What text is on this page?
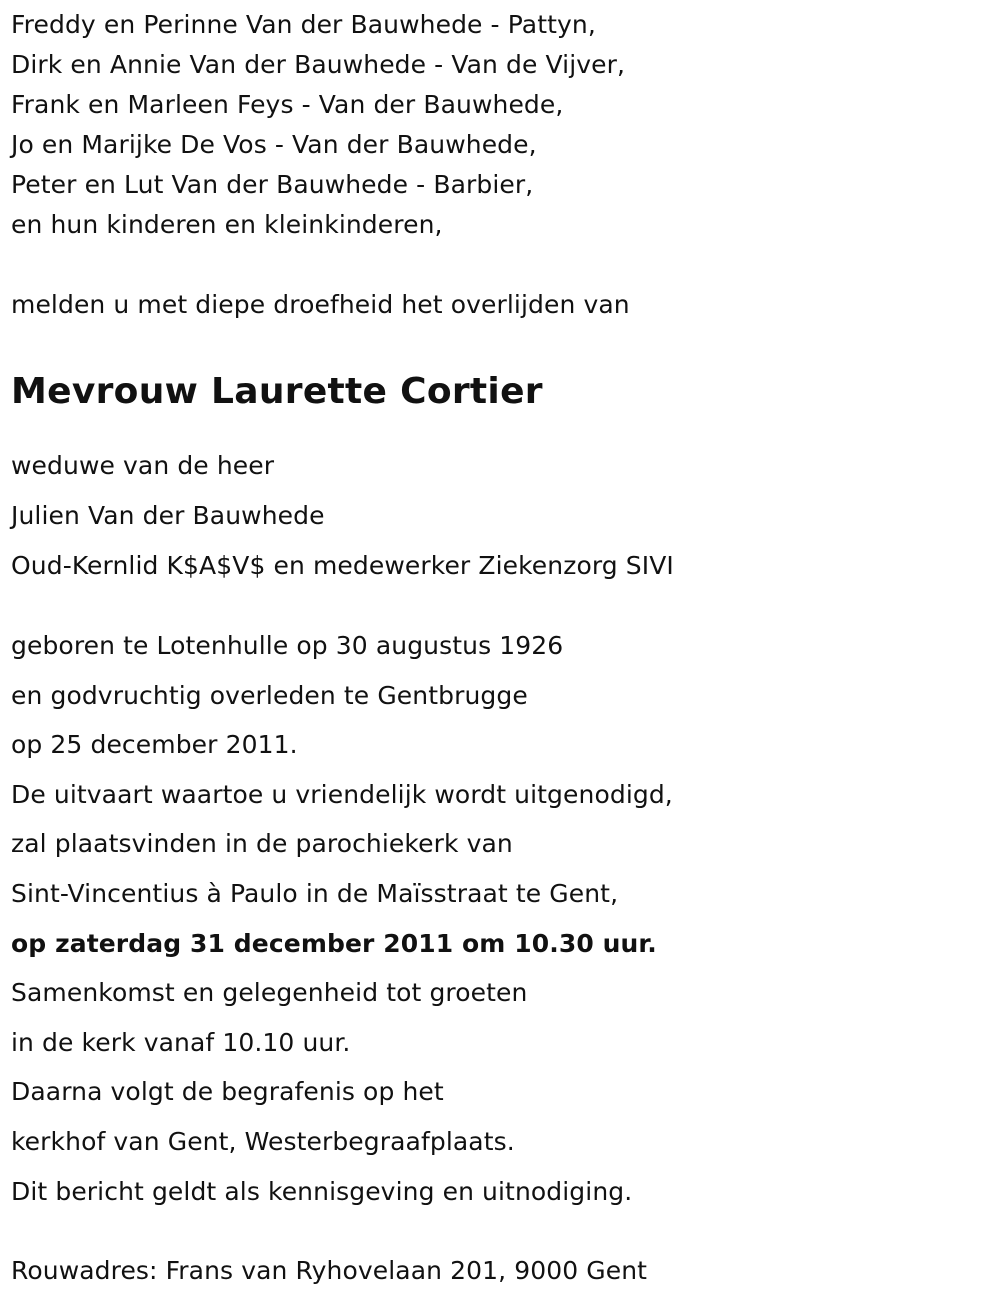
Freddy en Perinne Van der Bauwhede - Pattyn,
Dirk en Annie Van der Bauwhede - Van de Vijver,
Frank en Marleen Feys - Van der Bauwhede,
Jo en Marijke De Vos - Van der Bauwhede,
Peter en Lut Van der Bauwhede - Barbier,
en hun kinderen en kleinkinderen,
melden u met diepe droefheid het overlijden van
Mevrouw Laurette Cortier
weduwe van de heer
Julien Van der Bauwhede
Oud-Kernlid K$A$V$ en medewerker Ziekenzorg SIVI
geboren te Lotenhulle op 30 augustus 1926
en godvruchtig overleden te Gentbrugge
op 25 december 2011.
De uitvaart waartoe u vriendelijk wordt uitgenodigd,
zal plaatsvinden in de parochiekerk van
Sint-Vincentius à Paulo in de Maïsstraat te Gent,
op zaterdag 31 december 2011 om 10.30 uur.
Samenkomst en gelegenheid tot groeten
in de kerk vanaf 10.10 uur.
Daarna volgt de begrafenis op het
kerkhof van Gent, Westerbegraafplaats.
Dit bericht geldt als kennisgeving en uitnodiging.
Rouwadres: Frans van Ryhovelaan 201, 9000 Gent
